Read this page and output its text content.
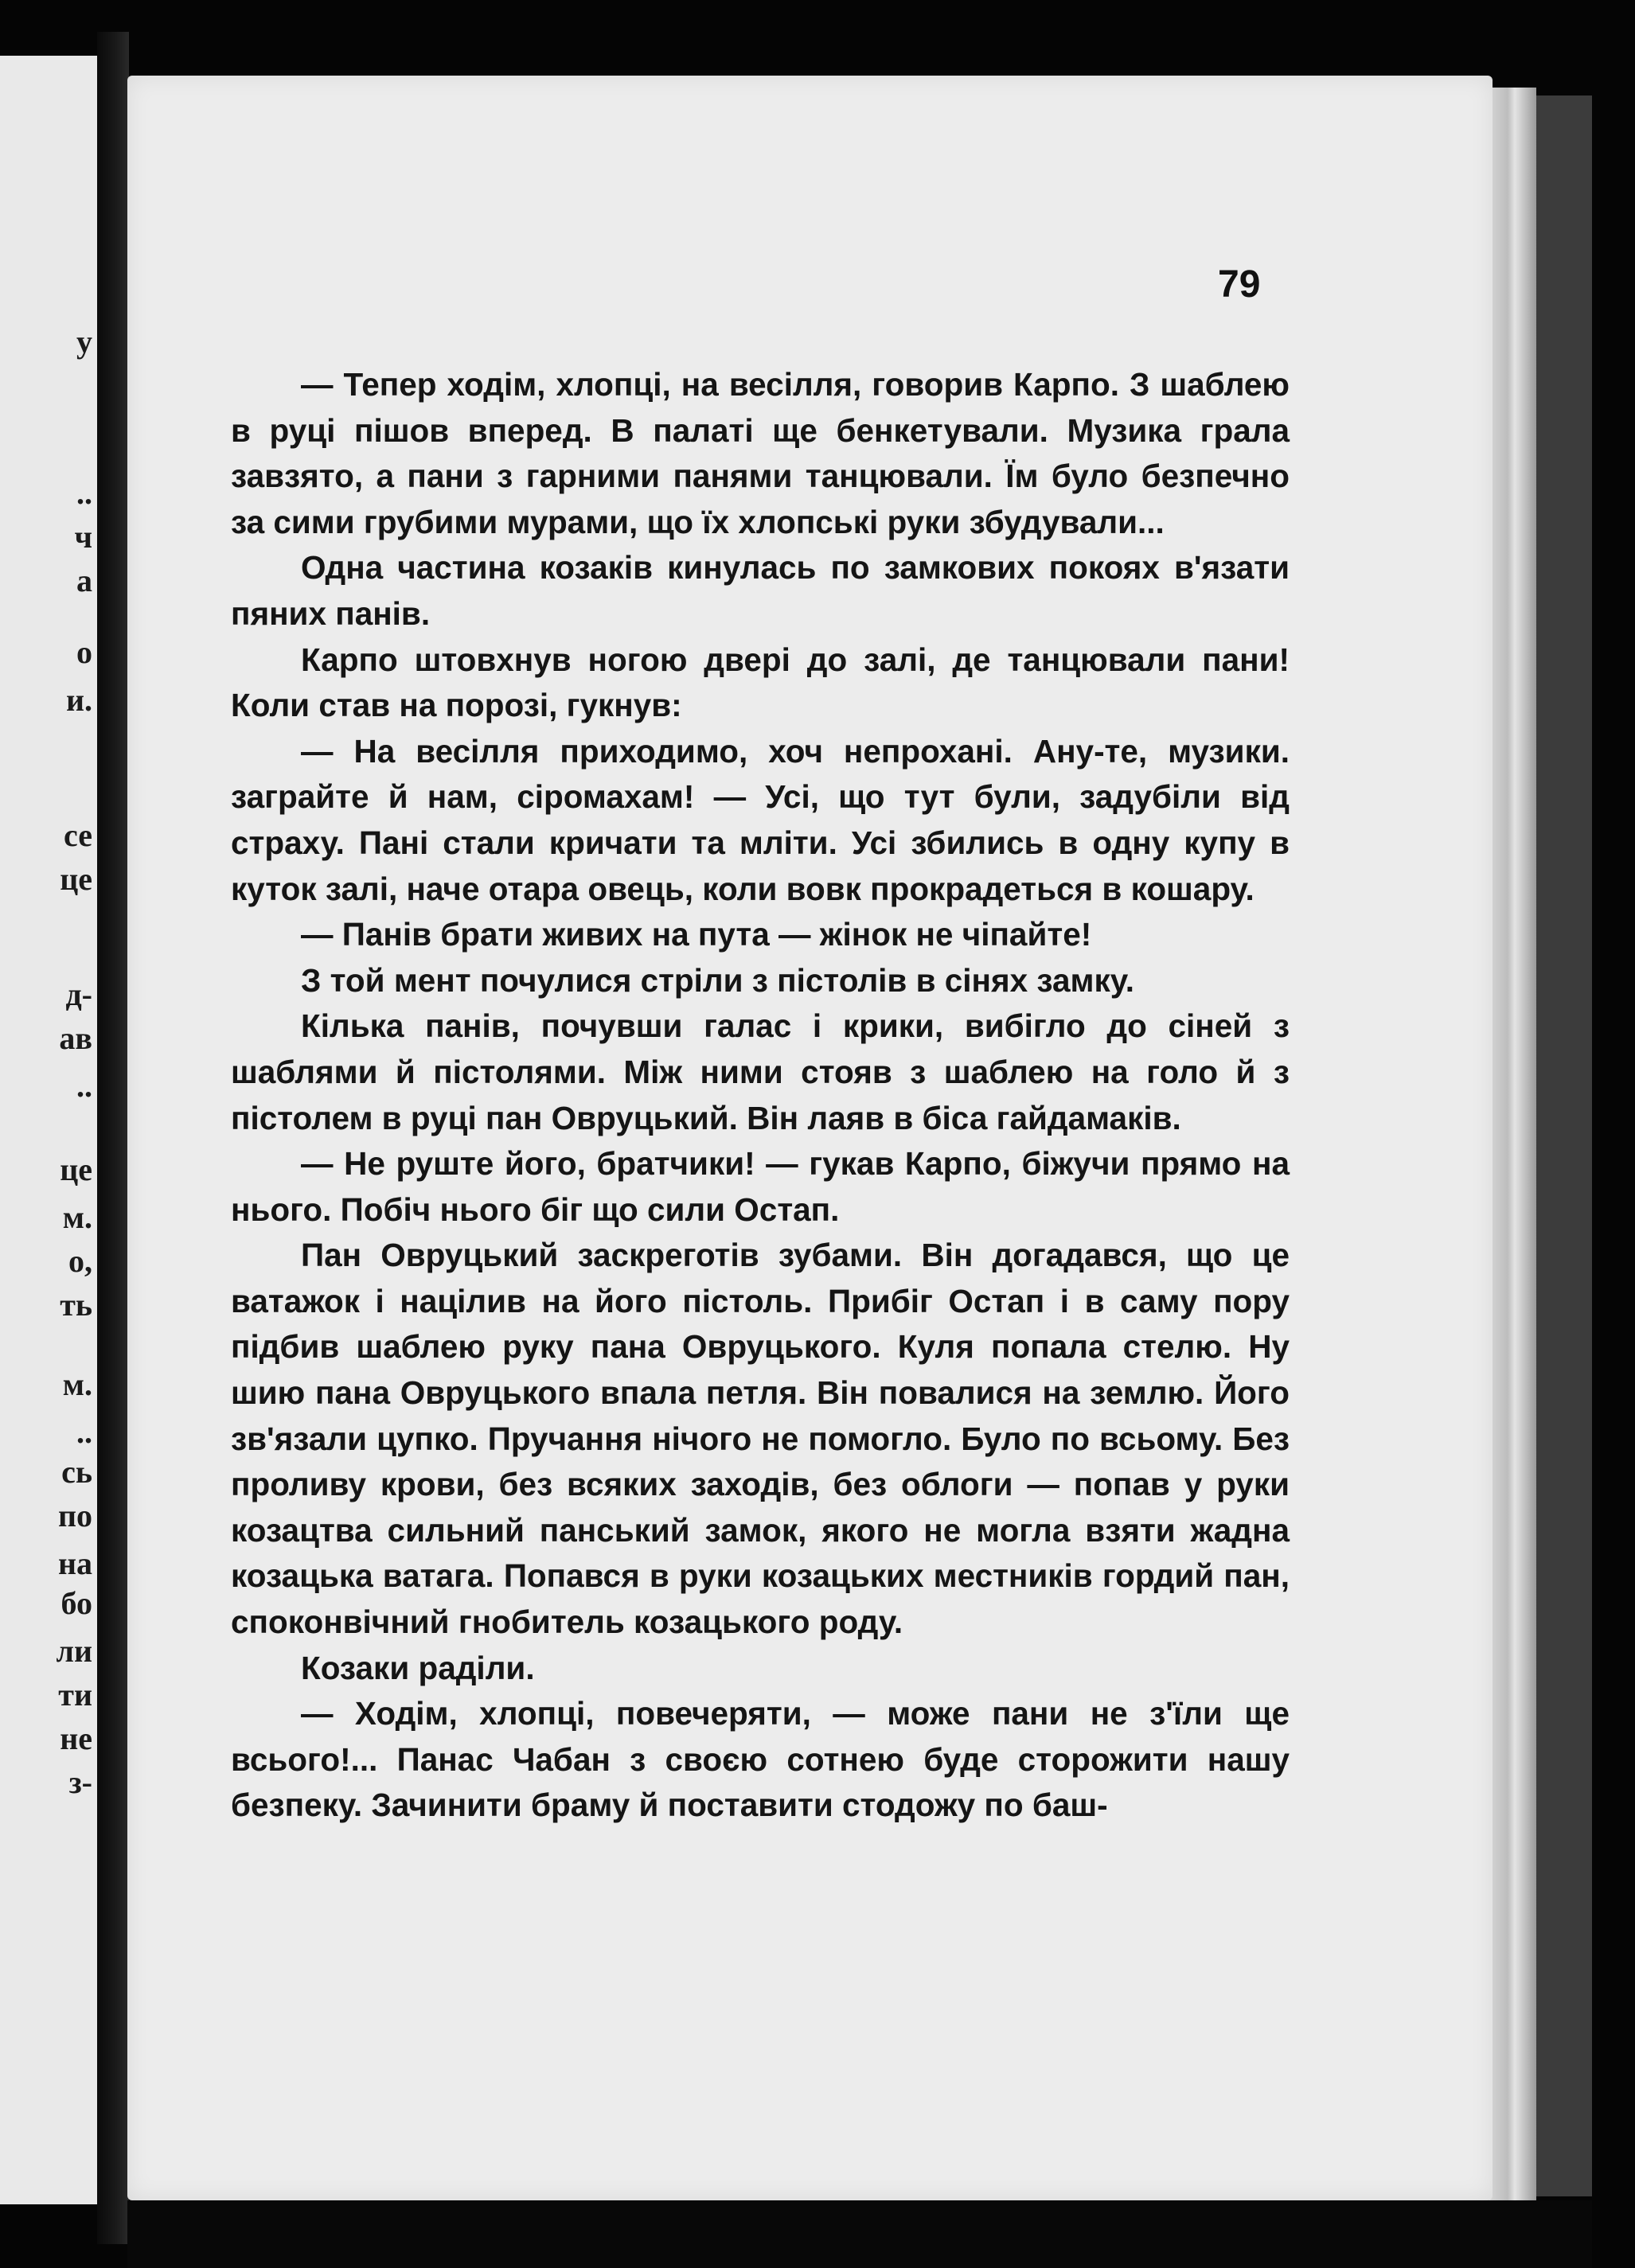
у
..
ч
а
о
и.
се
це
д-
ав
..
це
м.
о,
ть
м.
..
сь
по
на
бо
ли
ти
не
з-

79

— Тепер ходім, хлопці, на весілля, говорив Карпо. З шаблею в руці пішов вперед. В палаті ще бенкетували. Музика грала завзято, а пани з гарними панями танцювали. Їм було безпечно за сими грубими мурами, що їх хлопські руки збудували...

Одна частина козаків кинулась по замкових покоях в'язати пяних панів.

Карпо штовхнув ногою двері до залі, де танцювали пани! Коли став на порозі, гукнув:

— На весілля приходимо, хоч непрохані. Ану-те, музики. заграйте й нам, сіромахам! — Усі, що тут були, задубіли від страху. Пані стали кричати та мліти. Усі збились в одну купу в куток залі, наче отара овець, коли вовк прокрадеться в кошару.

— Панів брати живих на пута — жінок не чіпайте!

З той мент почулися стріли з пістолів в сінях замку.

Кілька панів, почувши галас і крики, вибігло до сіней з шаблями й пістолями. Між ними стояв з шаблею на голо й з пістолем в руці пан Овруцький. Він лаяв в біса гайдамаків.

— Не руште його, братчики! — гукав Карпо, біжучи прямо на нього. Побіч нього біг що сили Остап.

Пан Овруцький заскреготів зубами. Він догадався, що це ватажок і націлив на його пістоль. Прибіг Остап і в саму пору підбив шаблею руку пана Овруцького. Куля попала стелю. Ну шию пана Овруцького впала петля. Він повалися на землю. Його зв'язали цупко. Пручання нічого не помогло. Було по всьому. Без проливу крови, без всяких заходів, без облоги — попав у руки козацтва сильний панський замок, якого не могла взяти жадна козацька ватага. Попався в руки козацьких местників гордий пан, споконвічний гнобитель козацького роду.

Козаки раділи.

— Ходім, хлопці, повечеряти, — може пани не з'їли ще всього!... Панас Чабан з своєю сотнею буде сторожити нашу безпеку. Зачинити браму й поставити стодожу по баш-
